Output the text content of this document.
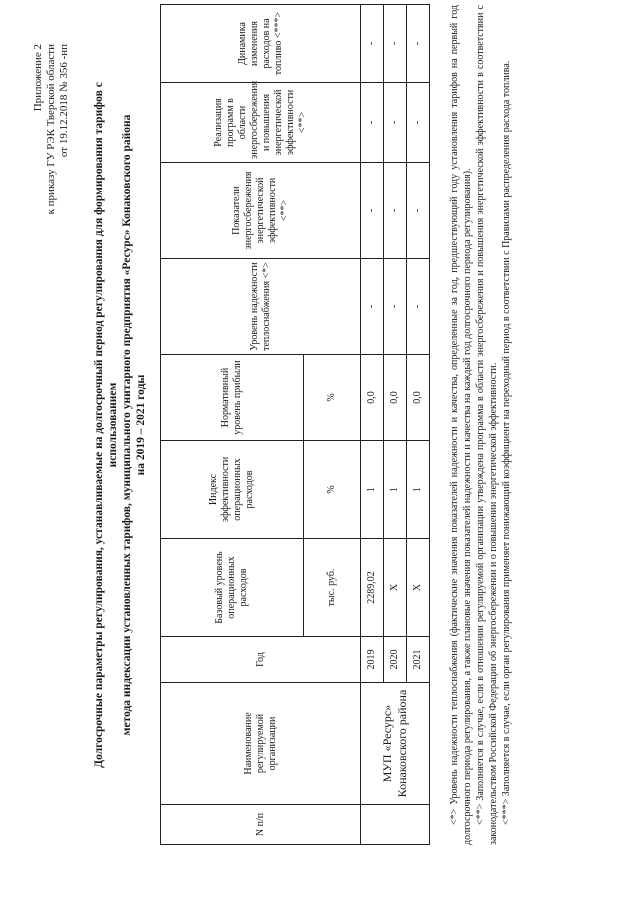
Приложение 2 к приказу ГУ РЭК Тверской области от 19.12.2018 № 356 -нп Долгосрочные параметры регулирования, устанавливаемые на долгосрочный период регулирования для формирования тарифов с использованием метода индексации установленных тарифов, муниципального унитарного предприятия «Ресурс» Конаковского района на 2019 – 2021 годы
N п/п	Наименование регулируемой организации	Год	Базовый уровень операционных расходов	Индекс эффективности операционных расходов	Нормативный уровень прибыли	Уровень надежности теплоснабжения <*>	Показатели энергосбережения энергетической эффективности <**>	Реализация программ в области энергосбережения и повышения энергетической эффективности <**>	Динамика изменения расходов на топливо <***>
			тыс. руб.	%	%				
	МУП «Ресурс» Конаковского района	2019	2289,02	1	0,0	-	-	-	-
		2020	Х	1	0,0	-	-	-	-
		2021	Х	1	0,0	-	-	-	-	<*> Уровень надежности теплоснабжения (фактические значения показателей надежности и качества, определенные за год, предшествующий году установления тарифов на первый год долгосрочного периода регулирования, а также плановые значения показателей надежности и качества на каждый год долгосрочного периода регулирования). <**> Заполняется в случае, если в отношении регулируемой организации утверждена программа в области энергосбережения и повышения энергетической эффективности в соответствии с законодательством Российской Федерации об энергосбережении и о повышении энергетической эффективности. <***> Заполняется в случае, если орган регулирования применяет понижающий коэффициент на переходный период в соответствии с Правилами распределения расхода топлива.
